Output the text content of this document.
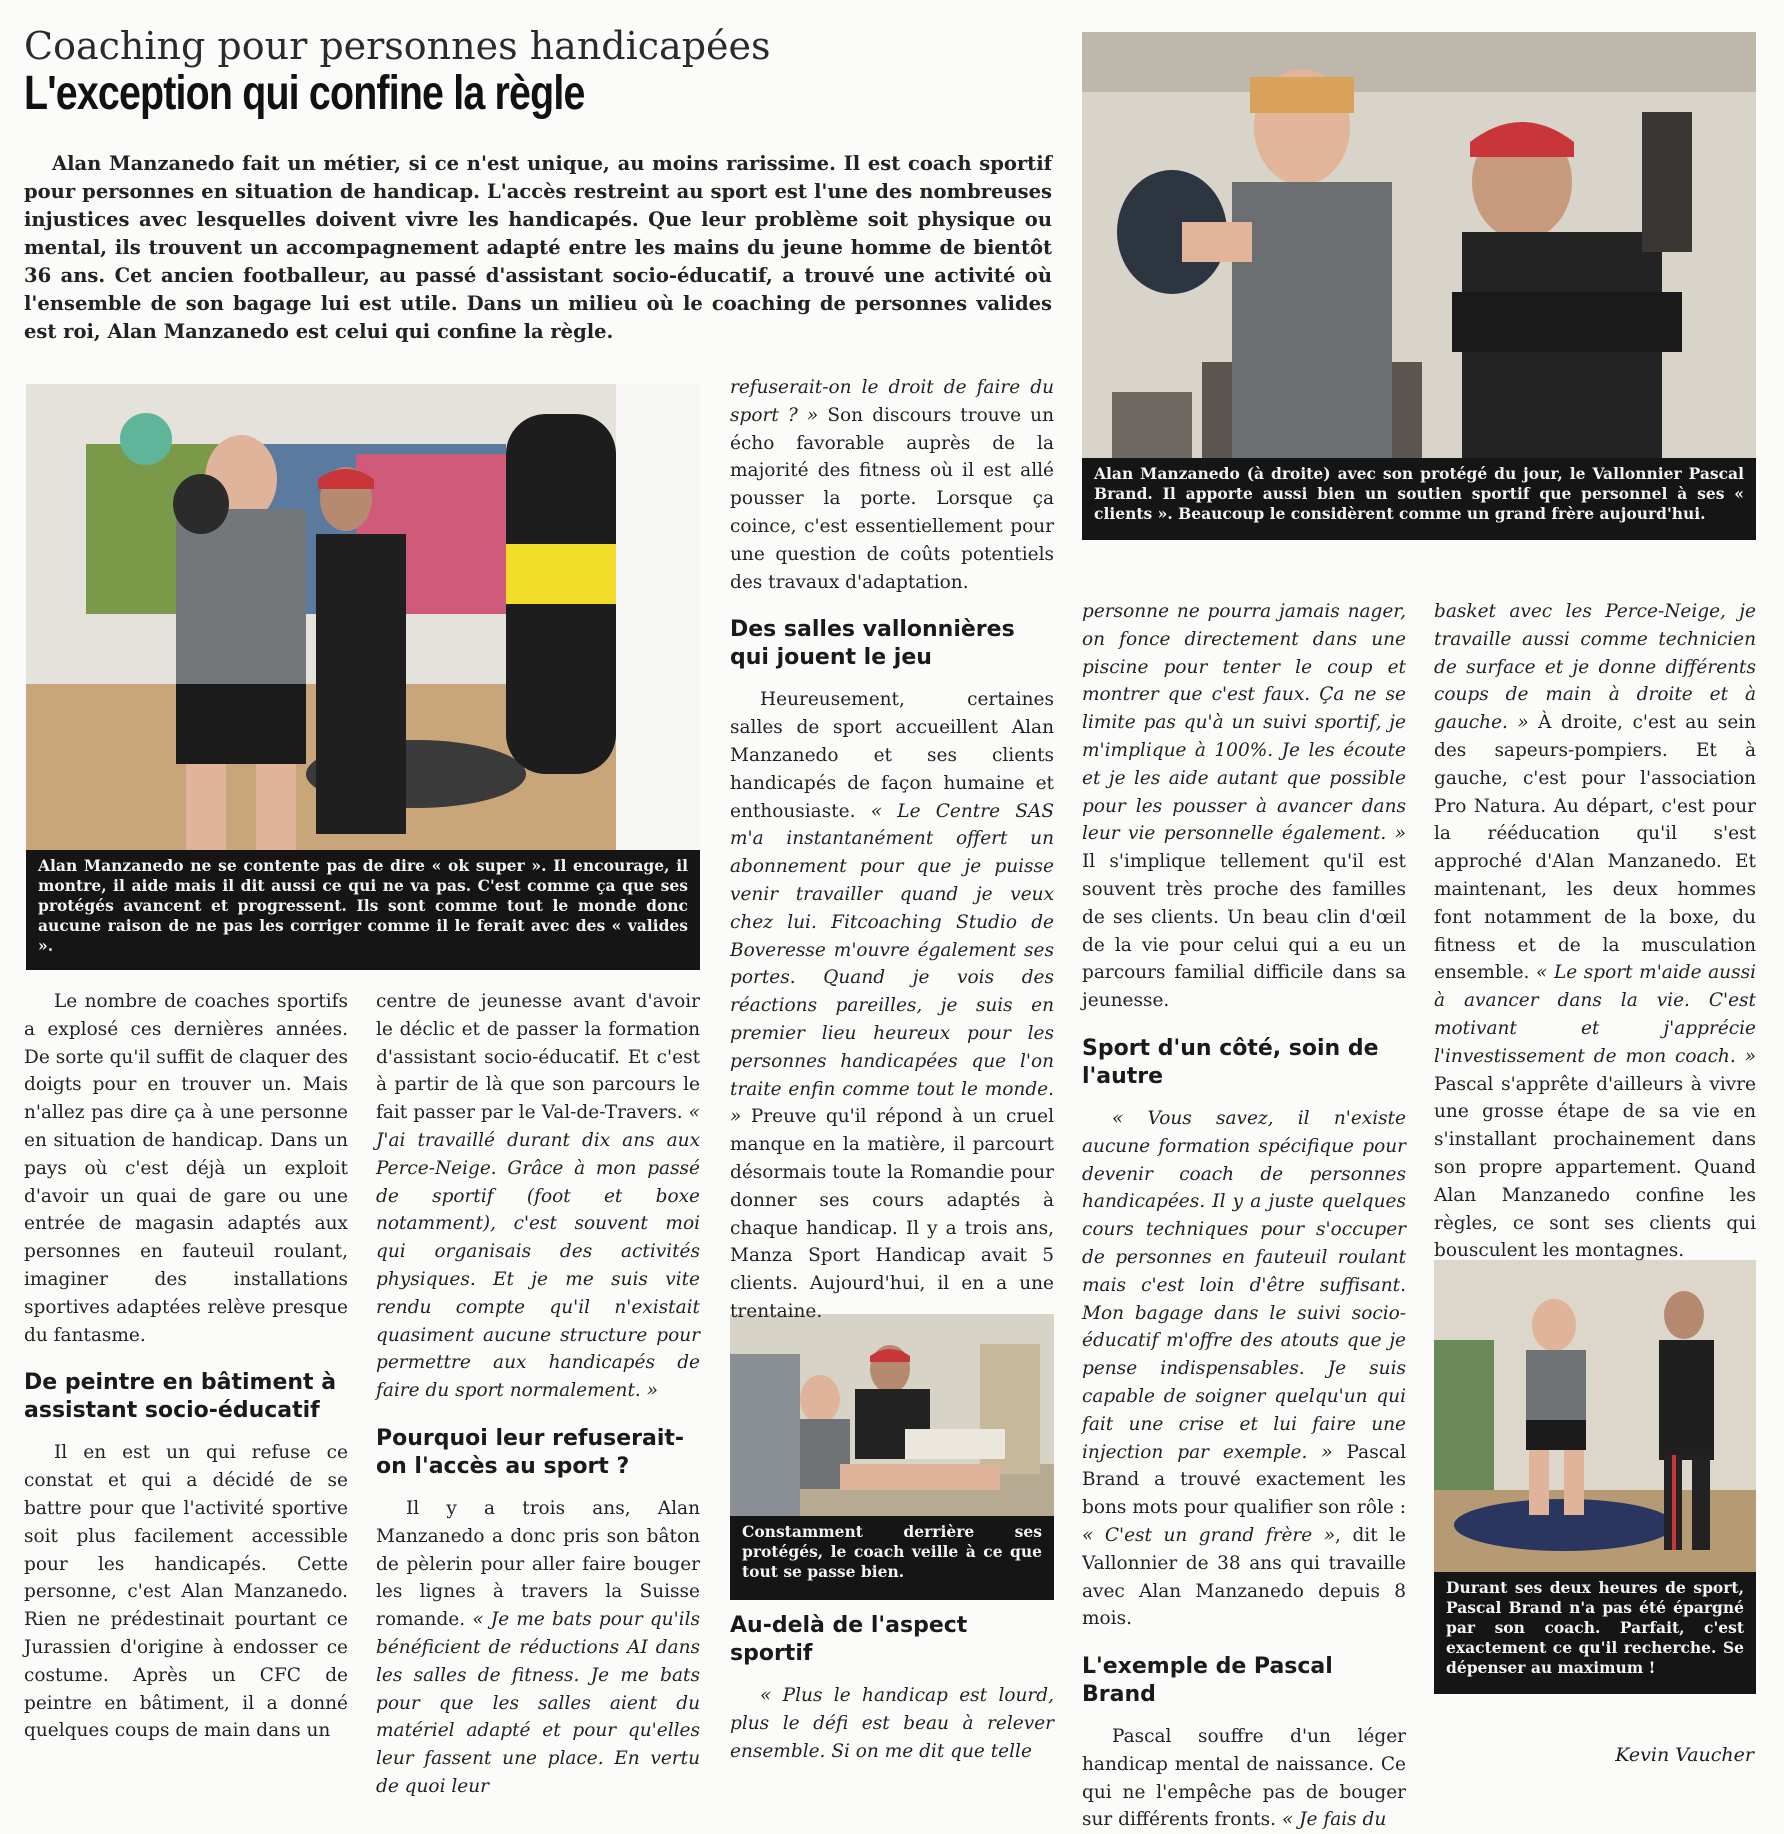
Coaching pour personnes handicapées
L'exception qui confine la règle
Alan Manzanedo fait un métier, si ce n'est unique, au moins rarissime. Il est coach sportif pour personnes en situation de handicap. L'accès restreint au sport est l'une des nombreuses injustices avec lesquelles doivent vivre les handicapés. Que leur problème soit physique ou mental, ils trouvent un accompagnement adapté entre les mains du jeune homme de bientôt 36 ans. Cet ancien footballeur, au passé d'assistant socio-éducatif, a trouvé une activité où l'ensemble de son bagage lui est utile. Dans un milieu où le coaching de personnes valides est roi, Alan Manzanedo est celui qui confine la règle.
Alan Manzanedo (à droite) avec son protégé du jour, le Vallonnier Pascal Brand. Il apporte aussi bien un soutien sportif que personnel à ses « clients ». Beaucoup le considèrent comme un grand frère aujourd'hui.
Alan Manzanedo ne se contente pas de dire « ok super ». Il encourage, il montre, il aide mais il dit aussi ce qui ne va pas. C'est comme ça que ses protégés avancent et progressent. Ils sont comme tout le monde donc aucune raison de ne pas les corriger comme il le ferait avec des « valides ».
Constamment derrière ses protégés, le coach veille à ce que tout se passe bien.
Durant ses deux heures de sport, Pascal Brand n'a pas été épargné par son coach. Parfait, c'est exactement ce qu'il recherche. Se dépenser au maximum !

Le nombre de coaches sportifs a explosé ces dernières années. De sorte qu'il suffit de claquer des doigts pour en trouver un. Mais n'allez pas dire ça à une personne en situation de handicap. Dans un pays où c'est déjà un exploit d'avoir un quai de gare ou une entrée de magasin adaptés aux personnes en fauteuil roulant, imaginer des installations sportives adaptées relève presque du fantasme.

De peintre en bâtiment à assistant socio-éducatif

Il en est un qui refuse ce constat et qui a décidé de se battre pour que l'activité sportive soit plus facilement accessible pour les handicapés. Cette personne, c'est Alan Manzanedo. Rien ne prédestinait pourtant ce Jurassien d'origine à endosser ce costume. Après un CFC de peintre en bâtiment, il a donné quelques coups de main dans un

centre de jeunesse avant d'avoir le déclic et de passer la formation d'assistant socio-éducatif. Et c'est à partir de là que son parcours le fait passer par le Val-de-Travers. « J'ai travaillé durant dix ans aux Perce-Neige. Grâce à mon passé de sportif (foot et boxe notamment), c'est souvent moi qui organisais des activités physiques. Et je me suis vite rendu compte qu'il n'existait quasiment aucune structure pour permettre aux handicapés de faire du sport normalement. »

Pourquoi leur refuserait-on l'accès au sport ?

Il y a trois ans, Alan Manzanedo a donc pris son bâton de pèlerin pour aller faire bouger les lignes à travers la Suisse romande. « Je me bats pour qu'ils bénéficient de réductions AI dans les salles de fitness. Je me bats pour que les salles aient du matériel adapté et pour qu'elles leur fassent une place. En vertu de quoi leur

refuserait-on le droit de faire du sport ? » Son discours trouve un écho favorable auprès de la majorité des fitness où il est allé pousser la porte. Lorsque ça coince, c'est essentiellement pour une question de coûts potentiels des travaux d'adaptation.

Des salles vallonnières qui jouent le jeu

Heureusement, certaines salles de sport accueillent Alan Manzanedo et ses clients handicapés de façon humaine et enthousiaste. « Le Centre SAS m'a instantanément offert un abonnement pour que je puisse venir travailler quand je veux chez lui. Fitcoaching Studio de Boveresse m'ouvre également ses portes. Quand je vois des réactions pareilles, je suis en premier lieu heureux pour les personnes handicapées que l'on traite enfin comme tout le monde. » Preuve qu'il répond à un cruel manque en la matière, il parcourt désormais toute la Romandie pour donner ses cours adaptés à chaque handicap. Il y a trois ans, Manza Sport Handicap avait 5 clients. Aujourd'hui, il en a une trentaine.

Au-delà de l'aspect sportif

« Plus le handicap est lourd, plus le défi est beau à relever ensemble. Si on me dit que telle

personne ne pourra jamais nager, on fonce directement dans une piscine pour tenter le coup et montrer que c'est faux. Ça ne se limite pas qu'à un suivi sportif, je m'implique à 100%. Je les écoute et je les aide autant que possible pour les pousser à avancer dans leur vie personnelle également. » Il s'implique tellement qu'il est souvent très proche des familles de ses clients. Un beau clin d'œil de la vie pour celui qui a eu un parcours familial difficile dans sa jeunesse.

Sport d'un côté, soin de l'autre

« Vous savez, il n'existe aucune formation spécifique pour devenir coach de personnes handicapées. Il y a juste quelques cours techniques pour s'occuper de personnes en fauteuil roulant mais c'est loin d'être suffisant. Mon bagage dans le suivi socio-éducatif m'offre des atouts que je pense indispensables. Je suis capable de soigner quelqu'un qui fait une crise et lui faire une injection par exemple. » Pascal Brand a trouvé exactement les bons mots pour qualifier son rôle : « C'est un grand frère », dit le Vallonnier de 38 ans qui travaille avec Alan Manzanedo depuis 8 mois.

L'exemple de Pascal Brand

Pascal souffre d'un léger handicap mental de naissance. Ce qui ne l'empêche pas de bouger sur différents fronts. « Je fais du

basket avec les Perce-Neige, je travaille aussi comme technicien de surface et je donne différents coups de main à droite et à gauche. » À droite, c'est au sein des sapeurs-pompiers. Et à gauche, c'est pour l'association Pro Natura. Au départ, c'est pour la rééducation qu'il s'est approché d'Alan Manzanedo. Et maintenant, les deux hommes font notamment de la boxe, du fitness et de la musculation ensemble. « Le sport m'aide aussi à avancer dans la vie. C'est motivant et j'apprécie l'investissement de mon coach. » Pascal s'apprête d'ailleurs à vivre une grosse étape de sa vie en s'installant prochainement dans son propre appartement. Quand Alan Manzanedo confine les règles, ce sont ses clients qui bousculent les montagnes.

Kevin Vaucher
